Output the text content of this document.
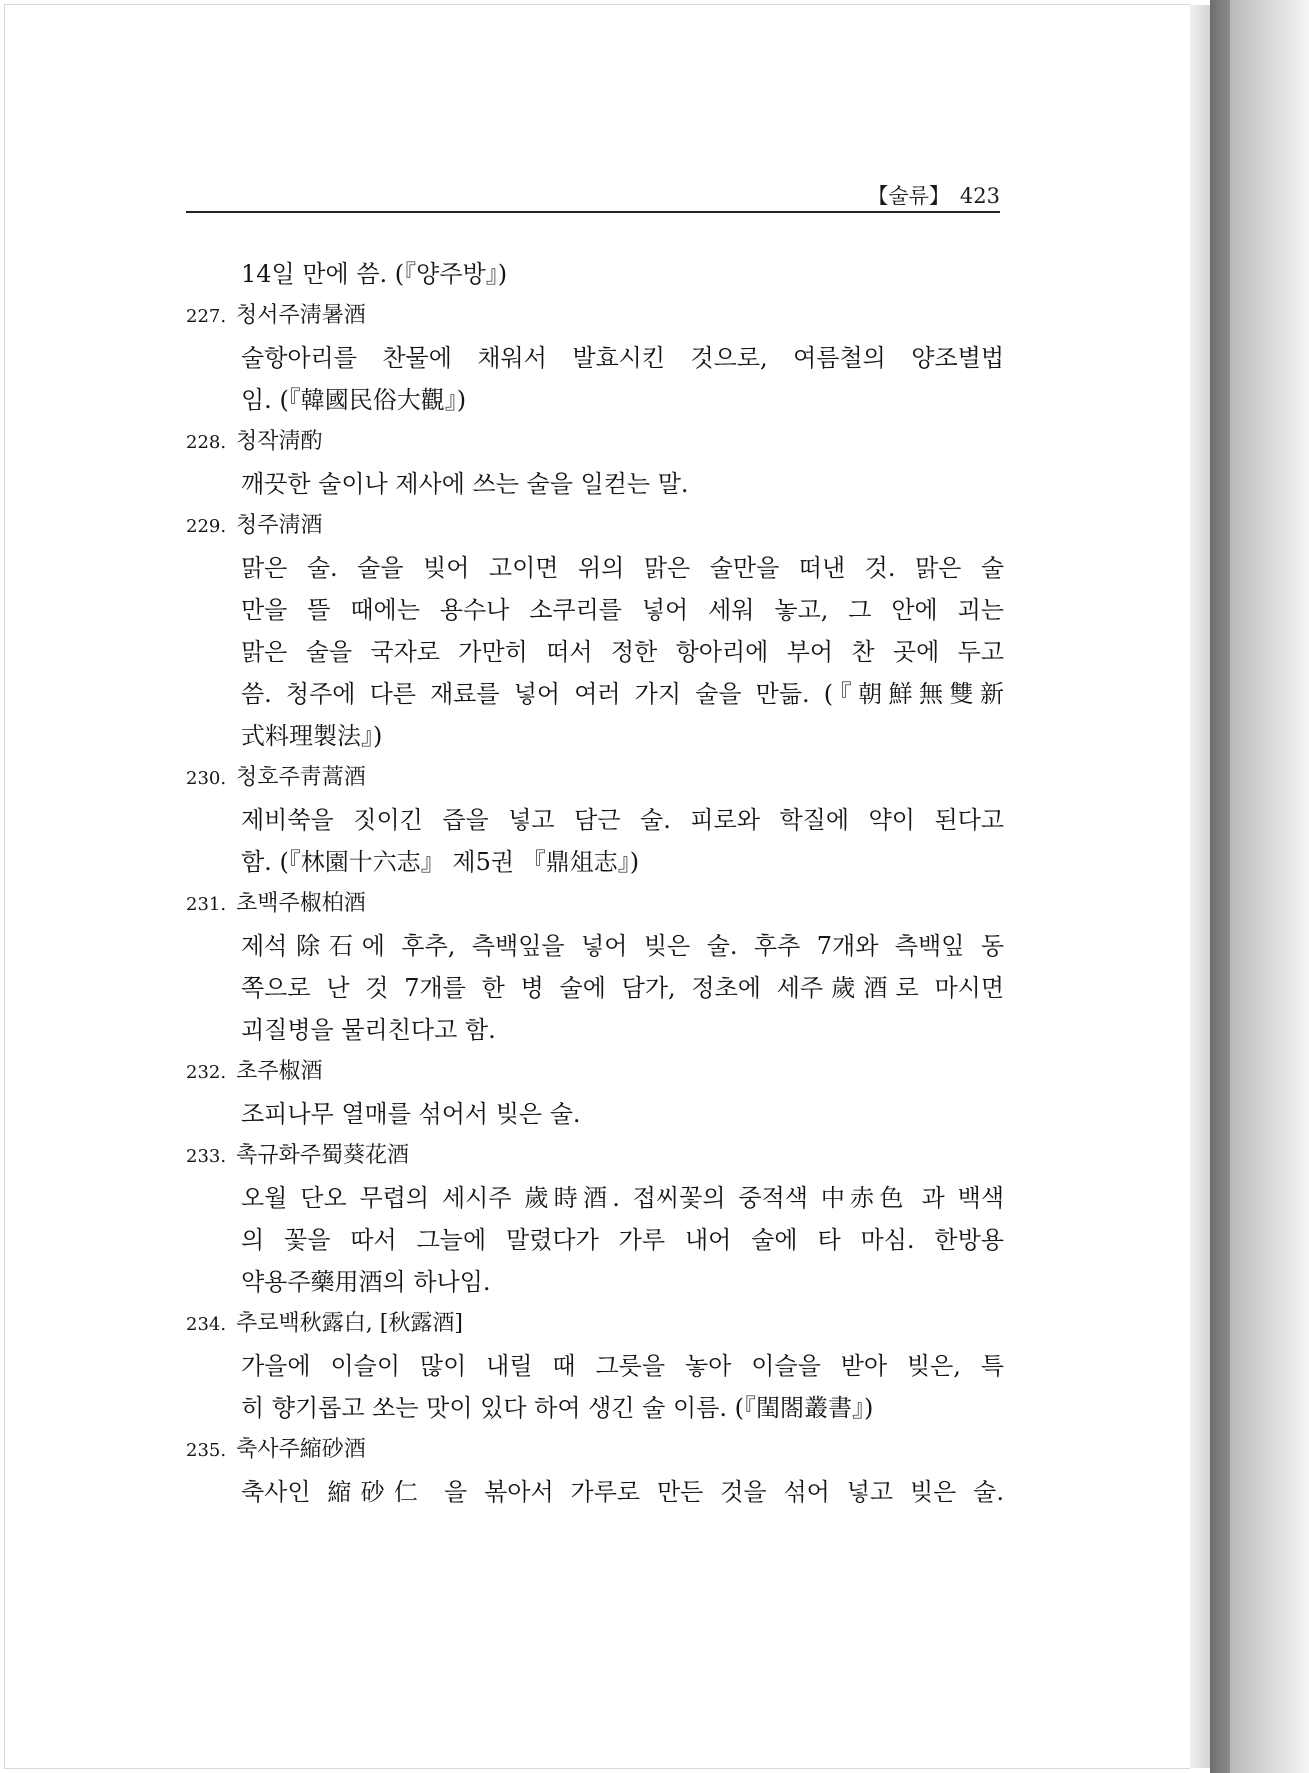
【술류】 423
14일 만에 씀. (『양주방』)
227. 청서주淸暑酒
술항아리를 찬물에 채워서 발효시킨 것으로, 여름철의 양조별법
임. (『韓國民俗大觀』)
228. 청작淸酌
깨끗한 술이나 제사에 쓰는 술을 일컫는 말.
229. 청주淸酒
맑은 술. 술을 빚어 고이면 위의 맑은 술만을 떠낸 것. 맑은 술
만을 뜰 때에는 용수나 소쿠리를 넣어 세워 놓고, 그 안에 괴는
맑은 술을 국자로 가만히 떠서 정한 항아리에 부어 찬 곳에 두고
씀. 청주에 다른 재료를 넣어 여러 가지 술을 만듦. (『朝鮮無雙新
式料理製法』)
230. 청호주靑蒿酒
제비쑥을 짓이긴 즙을 넣고 담근 술. 피로와 학질에 약이 된다고
함. (『林園十六志』 제5권 『鼎俎志』)
231. 초백주椒柏酒
제석除石에 후추, 측백잎을 넣어 빚은 술. 후추 7개와 측백잎 동
쪽으로 난 것 7개를 한 병 술에 담가, 정초에 세주歲酒로 마시면
괴질병을 물리친다고 함.
232. 초주椒酒
조피나무 열매를 섞어서 빚은 술.
233. 촉규화주蜀葵花酒
오월 단오 무렵의 세시주 歲時酒. 접씨꽃의 중적색 中赤色 과 백색
의 꽃을 따서 그늘에 말렸다가 가루 내어 술에 타 마심. 한방용
약용주藥用酒의 하나임.
234. 추로백秋露白, [秋露酒]
가을에 이슬이 많이 내릴 때 그릇을 놓아 이슬을 받아 빚은, 특
히 향기롭고 쏘는 맛이 있다 하여 생긴 술 이름. (『閨閤叢書』)
235. 축사주縮砂酒
축사인 縮砂仁 을 볶아서 가루로 만든 것을 섞어 넣고 빚은 술.
